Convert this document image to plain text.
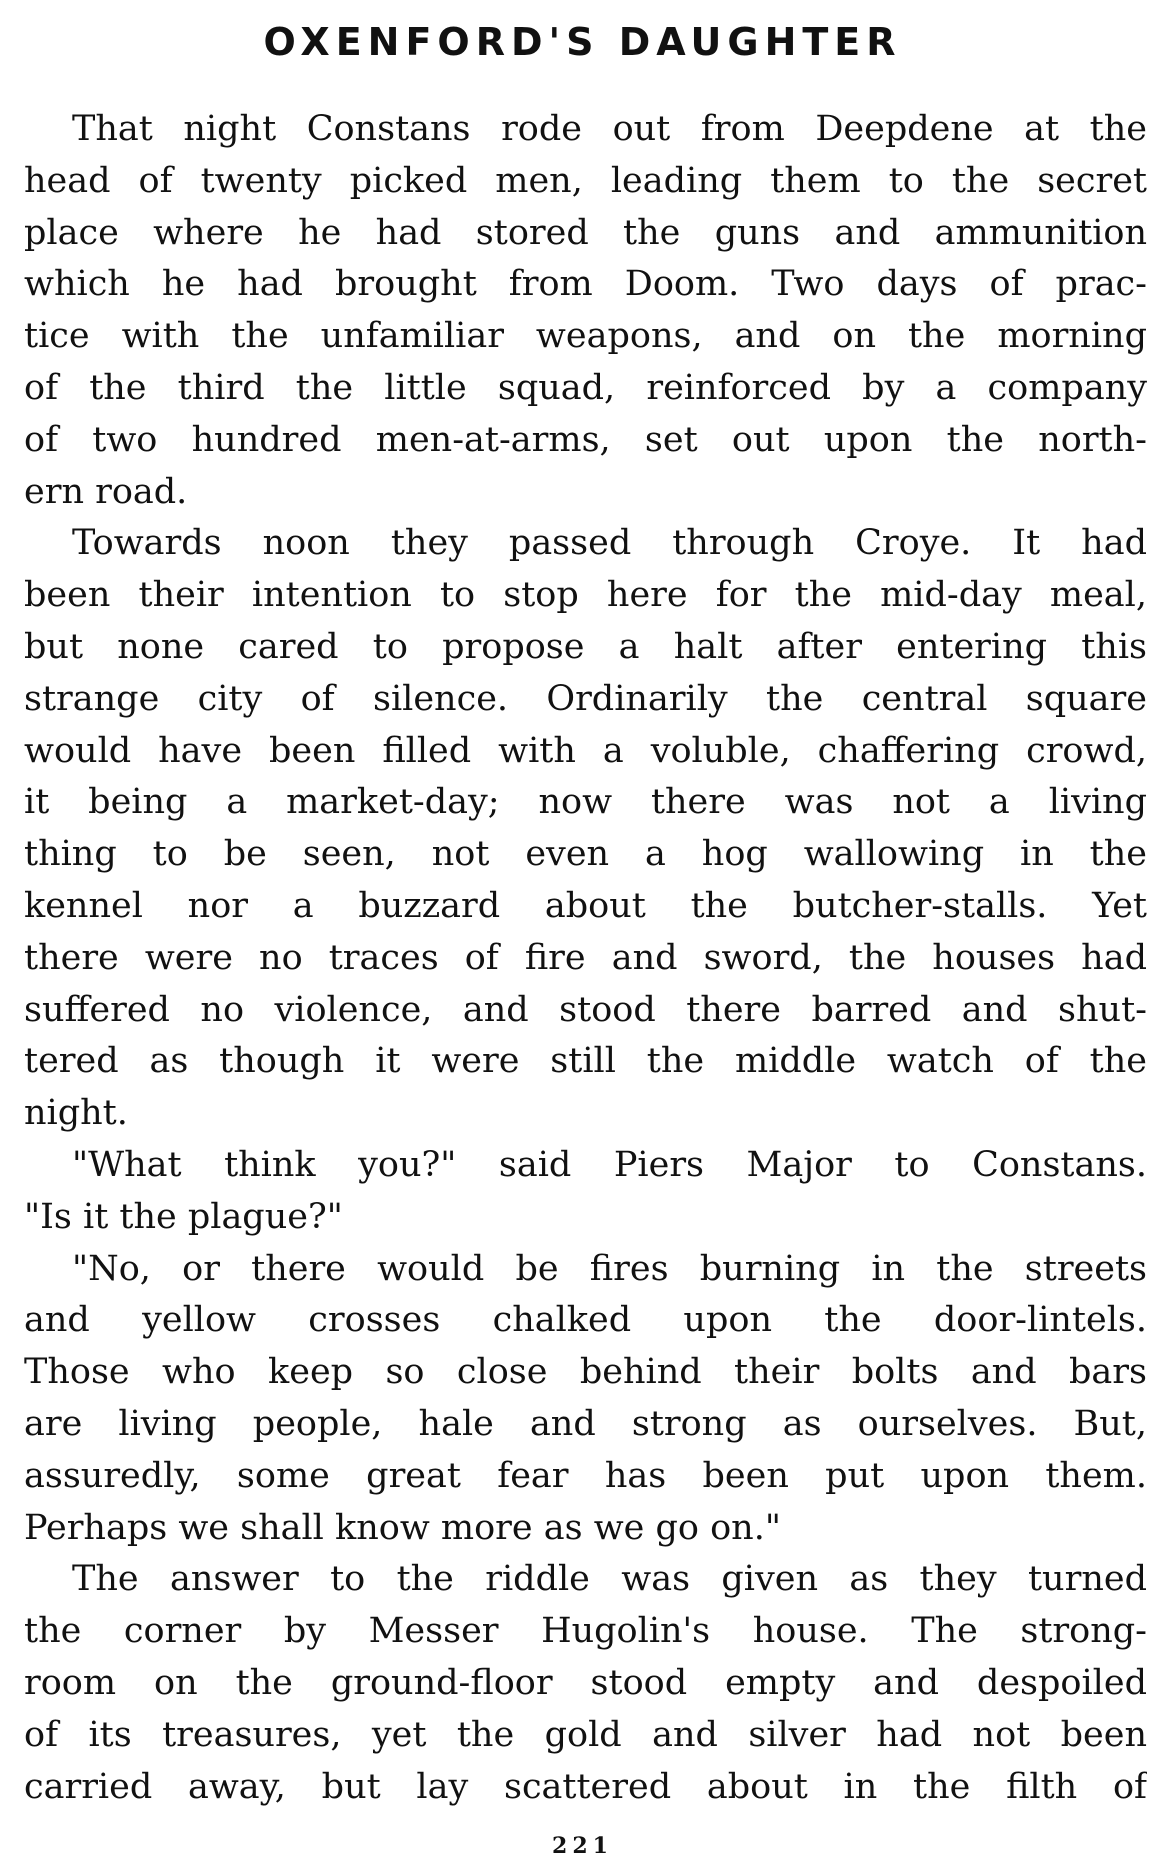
OXENFORD'S DAUGHTER
That night Constans rode out from Deepdene at the
head of twenty picked men, leading them to the secret
place where he had stored the guns and ammunition
which he had brought from Doom. Two days of prac-
tice with the unfamiliar weapons, and on the morning
of the third the little squad, reinforced by a company
of two hundred men-at-arms, set out upon the north-
ern road.
Towards noon they passed through Croye. It had
been their intention to stop here for the mid-day meal,
but none cared to propose a halt after entering this
strange city of silence. Ordinarily the central square
would have been filled with a voluble, chaffering crowd,
it being a market-day; now there was not a living
thing to be seen, not even a hog wallowing in the
kennel nor a buzzard about the butcher-stalls. Yet
there were no traces of fire and sword, the houses had
suffered no violence, and stood there barred and shut-
tered as though it were still the middle watch of the
night.
"What think you?" said Piers Major to Constans.
"Is it the plague?"
"No, or there would be fires burning in the streets
and yellow crosses chalked upon the door-lintels.
Those who keep so close behind their bolts and bars
are living people, hale and strong as ourselves. But,
assuredly, some great fear has been put upon them.
Perhaps we shall know more as we go on."
The answer to the riddle was given as they turned
the corner by Messer Hugolin's house. The strong-
room on the ground-floor stood empty and despoiled
of its treasures, yet the gold and silver had not been
carried away, but lay scattered about in the filth of
221
